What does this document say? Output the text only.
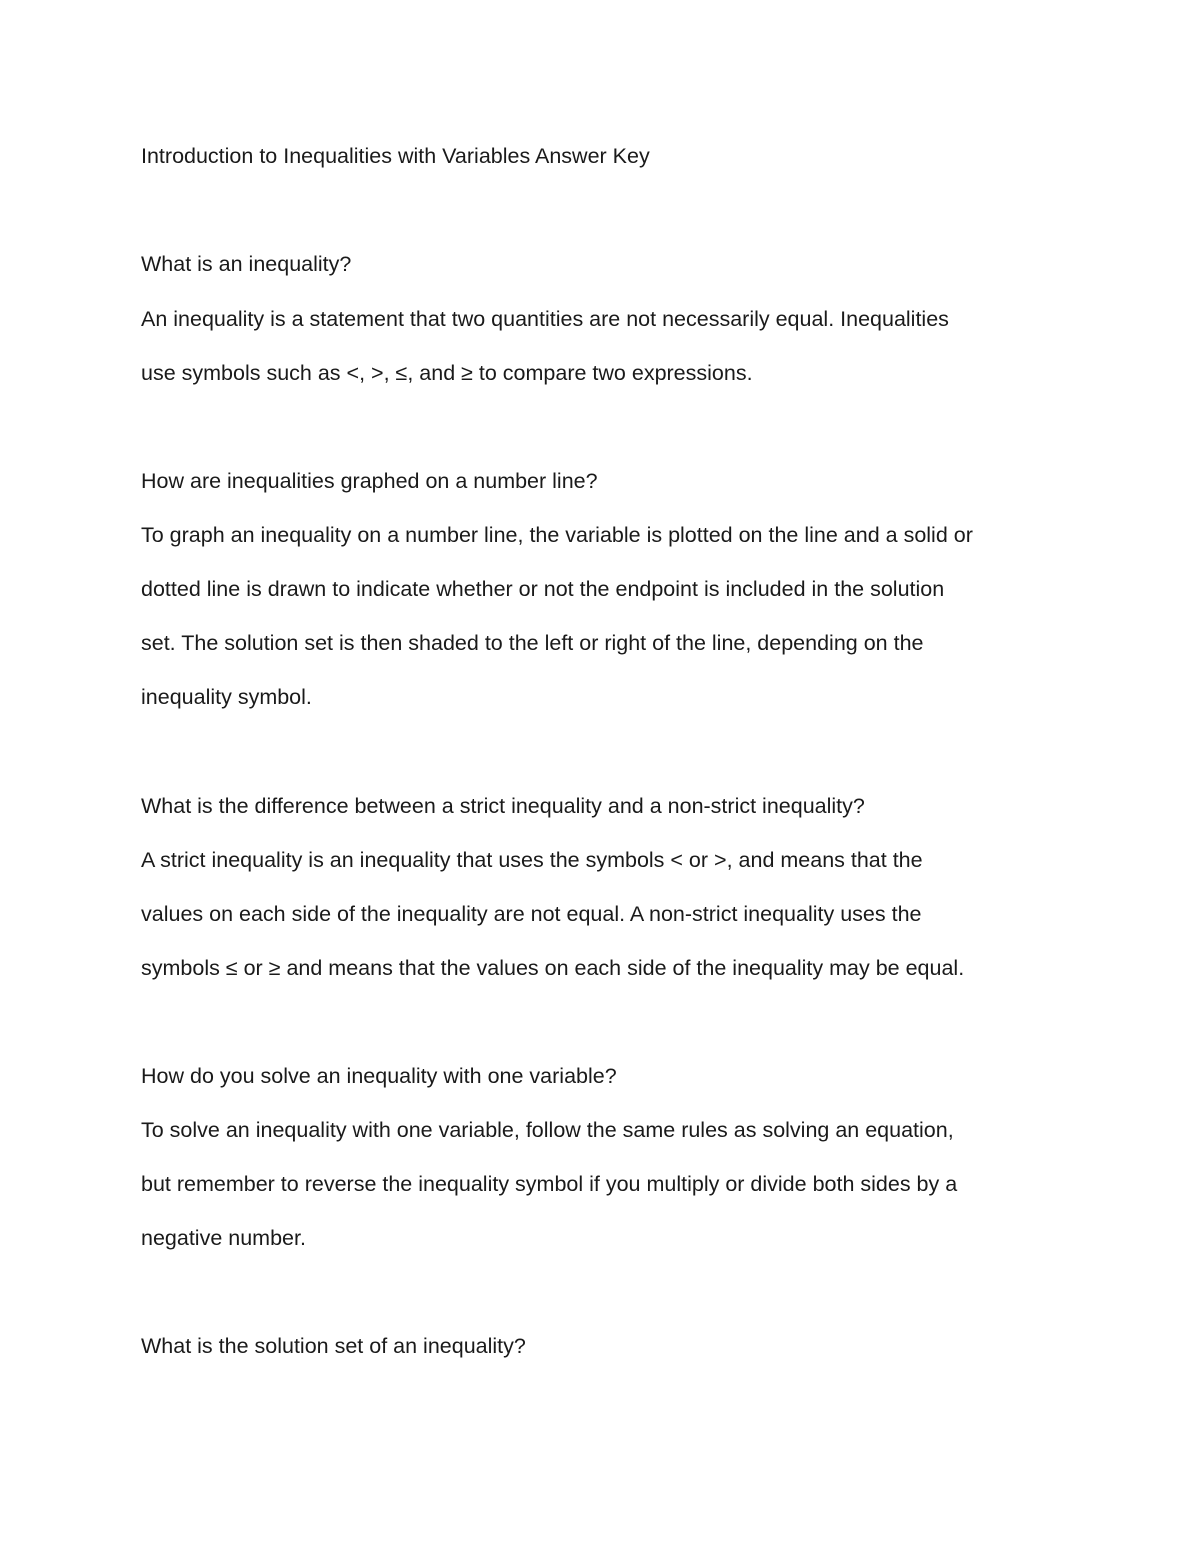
Introduction to Inequalities with Variables Answer Key
What is an inequality?
An inequality is a statement that two quantities are not necessarily equal. Inequalities
use symbols such as <, >, ≤, and ≥ to compare two expressions.
How are inequalities graphed on a number line?
To graph an inequality on a number line, the variable is plotted on the line and a solid or
dotted line is drawn to indicate whether or not the endpoint is included in the solution
set. The solution set is then shaded to the left or right of the line, depending on the
inequality symbol.
What is the difference between a strict inequality and a non-strict inequality?
A strict inequality is an inequality that uses the symbols < or >, and means that the
values on each side of the inequality are not equal. A non-strict inequality uses the
symbols ≤ or ≥ and means that the values on each side of the inequality may be equal.
How do you solve an inequality with one variable?
To solve an inequality with one variable, follow the same rules as solving an equation,
but remember to reverse the inequality symbol if you multiply or divide both sides by a
negative number.
What is the solution set of an inequality?
